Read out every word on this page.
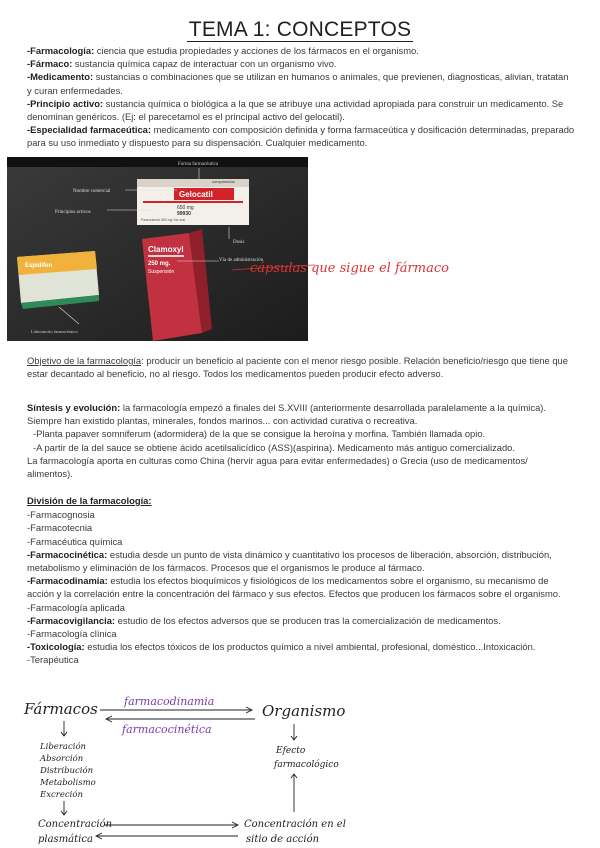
TEMA 1: CONCEPTOS
-Farmacología: ciencia que estudia propiedades y acciones de los fármacos en el organismo.
-Fármaco: sustancia química capaz de interactuar con un organismo vivo.
-Medicamento: sustancias o combinaciones que se utilizan en humanos o animales, que previenen, diagnosticas, alivian, tratatan y curan enfermedades.
-Principio activo: sustancia química o biológica a la que se atribuye una actividad apropiada para construir un medicamento. Se denominan genéricos. (Ej: el parecetamol es el principal activo del gelocatil).
-Especialidad farmaceútica: medicamento con composición definida y forma farmaceútica y dosificación determinadas, preparado para su uso inmediato y dispuesto para su dispensación. Cualquier medicamento.
Forma farmacéutica
comprimidos
Nombre comercial	Gelocatil
650 mg
99930
Paracetamol 650 mg Vía oral
Principios activos
Dosis
Clamoxyl
250 mg.
Suspensión
Vía de administración
Espidifen
Laboratorio farmacéutico
cápsulas que sigue el fármaco
Objetivo de la farmacología: producir un beneficio al paciente con el menor riesgo posible. Relación beneficio/riesgo que tiene que estar decantado al beneficio, no al riesgo. Todos los medicamentos pueden producir efecto adverso.
Síntesis y evolución: la farmacología empezó a finales del S.XVIII (anteriormente desarrollada paralelamente a la química). Siempre han existido plantas, minerales, fondos marinos... con actividad curativa o recreativa.
-Planta papaver somniferum (adormidera) de la que se consigue la heroína y morfina. También llamada opio.
-A partir de la del sauce se obtiene ácido acetilsalicídico (ASS)(aspirina). Medicamento más antiguo comercializado.
La farmacología aporta en culturas como China (hervir agua para evitar enfermedades) o Grecia (uso de medicamentos/ alimentos).
División de la farmacología:
-Farmacognosia
-Farmacotecnia
-Farmacéutica química
-Farmacocinética: estudia desde un punto de vista dinámico y cuantitativo los procesos de liberación, absorción, distribución, metabolismo y eliminación de los fármacos. Procesos que el organismos le produce al fármaco.
-Farmacodinamia: estudia los efectos bioquímicos y fisiológicos de los medicamentos sobre el organismo, su mecanismo de acción y la correlación entre la concentración del fármaco y sus efectos. Efectos que producen los fármacos sobre el organismo.
-Farmacología aplicada
-Farmacovigilancia: estudio de los efectos adversos que se producen tras la comercialización de medicamentos.
-Farmacología clínica
-Toxicología: estudia los efectos tóxicos de los productos químico a nivel ambiental, profesional, doméstico...Intoxicación.
-Terapéutica
Fármacos	Organismo
farmacodinamia
farmacocinética
Liberación
Absorción
Distribución
Metabolismo
Excreción
Efecto
farmacológico
Concentración
plasmática
Concentración en el
sitio de acción
